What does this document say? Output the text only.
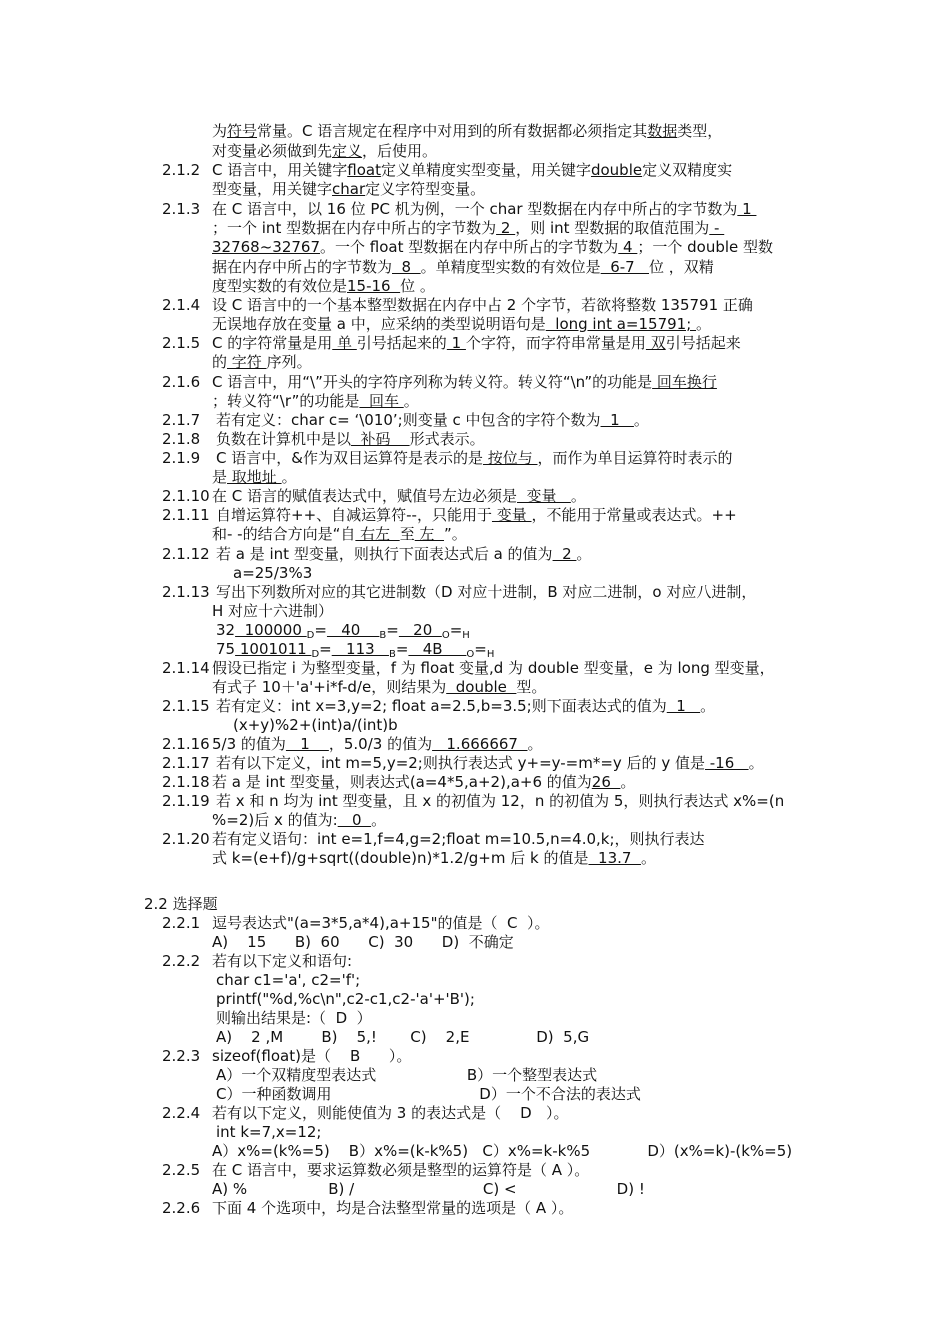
为符号常量。C 语言规定在程序中对用到的所有数据都必须指定其数据类型，
对变量必须做到先定义，后使用。
2.1.2 C 语言中，用关键字float定义单精度实型变量，用关键字double定义双精度实
型变量，用关键字char定义字符型变量。
2.1.3 在 C 语言中，以 16 位 PC 机为例，一个 char 型数据在内存中所占的字节数为 1
；一个 int 型数据在内存中所占的字节数为 2 ，则 int 型数据的取值范围为 -
32768~32767。一个 float 型数据在内存中所占的字节数为 4 ；一个 double 型数
据在内存中所占的字节数为  8  。单精度型实数的有效位是  6-7   位 ，双精
度型实数的有效位是15-16  位 。
2.1.4 设 C 语言中的一个基本整型数据在内存中占 2 个字节，若欲将整数 135791 正确
无误地存放在变量 a 中，应采纳的类型说明语句是  long int a=15791; 。
2.1.5 C 的字符常量是用 单 引号括起来的 1 个字符，而字符串常量是用 双引号括起来
的 字符 序列。
2.1.6 C 语言中，用“\”开头的字符序列称为转义符。转义符“\n”的功能是 回车换行
；转义符“\r”的功能是  回车 。
2.1.7 若有定义：char c= ‘\010’;则变量 c 中包含的字符个数为  1   。
2.1.8 负数在计算机中是以  补码    形式表示。
2.1.9 C 语言中，&作为双目运算符是表示的是 按位与 ，而作为单目运算符时表示的
是 取地址 。
2.1.10 在 C 语言的赋值表达式中，赋值号左边必须是  变量   。
2.1.11 自增运算符++、自减运算符--，只能用于 变量 ，不能用于常量或表达式。++
和- -的结合方向是“自 右左  至 左  ”。
2.1.12 若 a 是 int 型变量，则执行下面表达式后 a 的值为  2 。
a=25/3%3
2.1.13 写出下列数所对应的其它进制数（D 对应十进制，B 对应二进制，o 对应八进制，
H 对应十六进制）
32  100000 $_D$=   40    $_B$=   20  $_O=_H$
75 1001011 $_D$=   113   $_B$=   4B     $_O=_H$
2.1.14 假设已指定 i 为整型变量，f 为 float 变量,d 为 double 型变量，e 为 long 型变量，
有式子 10＋'a'+i*f-d/e，则结果为  double  型。
2.1.15 若有定义：int x=3,y=2; float a=2.5,b=3.5;则下面表达式的值为  1   。
(x+y)%2+(int)a/(int)b
2.1.16 5/3 的值为   1    ，5.0/3 的值为   1.666667  。
2.1.17 若有以下定义，int m=5,y=2;则执行表达式 y+=y-=m*=y 后的 y 值是 -16   。
2.1.18 若 a 是 int 型变量，则表达式(a=4*5,a+2),a+6 的值为26  。
2.1.19 若 x 和 n 均为 int 型变量，且 x 的初值为 12，n 的初值为 5，则执行表达式 x%=(n
%=2)后 x 的值为:   0  。
2.1.20 若有定义语句：int e=1,f=4,g=2;float m=10.5,n=4.0,k;，则执行表达
式 k=(e+f)/g+sqrt((double)n)*1.2/g+m 后 k 的值是  13.7  。
2.2 选择题
2.2.1 逗号表达式"(a=3*5,a*4),a+15"的值是（  C  ）。
A)    15      B)  60      C)  30      D)  不确定
2.2.2 若有以下定义和语句:
char c1='a', c2='f';
printf("%d,%c\n",c2-c1,c2-'a'+'B');
则输出结果是:（  D  ）
A)    2 ,M        B)    5,!       C)    2,E              D)  5,G
2.2.3 sizeof(float)是（    B      ）。
A）一个双精度型表达式                   B）一个整型表达式
C）一种函数调用                               D）一个不合法的表达式
2.2.4 若有以下定义，则能使值为 3 的表达式是（    D   ）。
int k=7,x=12;
A）x%=(k%=5)    B）x%=(k-k%5)   C）x%=k-k%5            D）(x%=k)-(k%=5)
2.2.5 在 C 语言中，要求运算数必须是整型的运算符是（ A ）。
A) %                 B) /                           C) <                     D) !
2.2.6 下面 4 个选项中，均是合法整型常量的选项是（ A ）。
